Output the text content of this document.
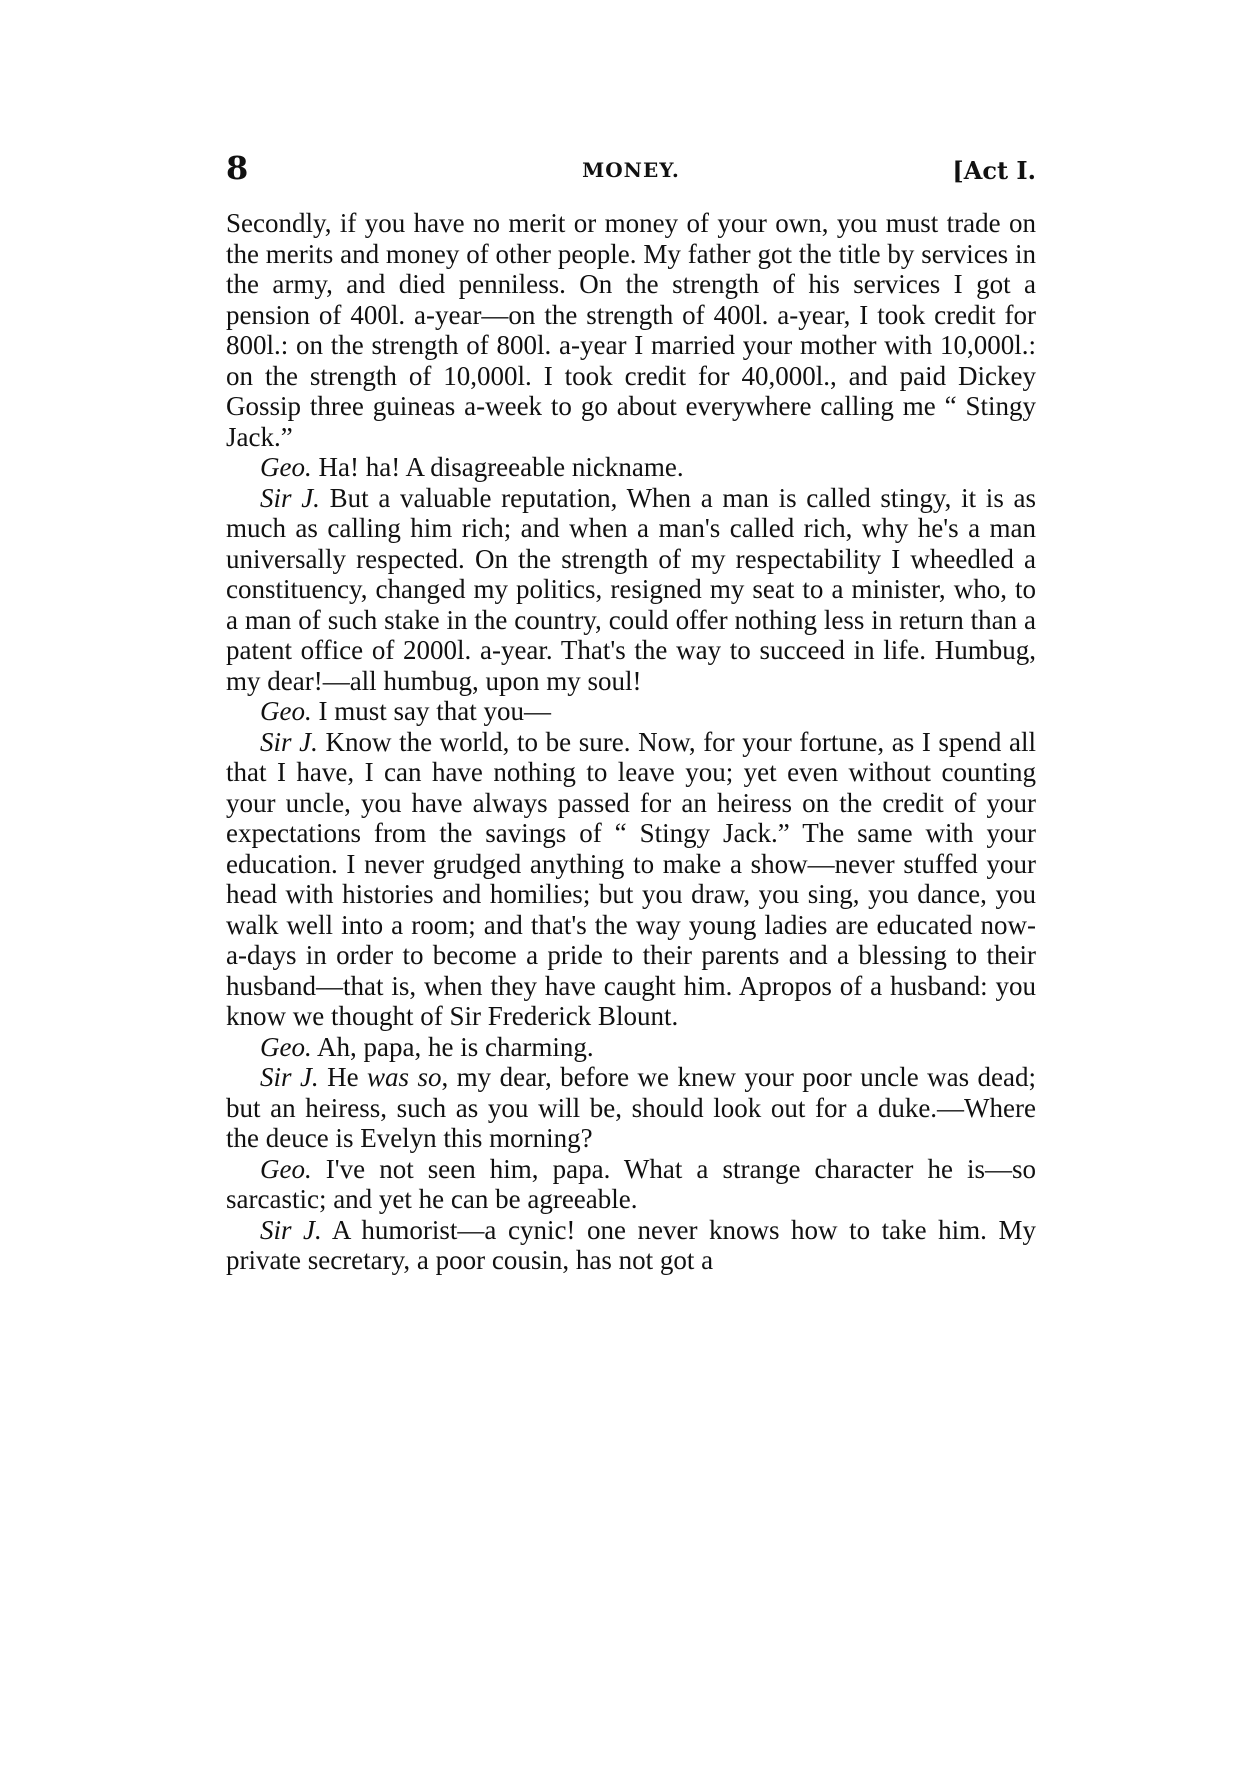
8	MONEY.	[Act I.

Secondly, if you have no merit or money of your own, you must trade on the merits and money of other people. My father got the title by services in the army, and died penniless. On the strength of his services I got a pension of 400l. a-year—on the strength of 400l. a-year, I took credit for 800l.: on the strength of 800l. a-year I married your mother with 10,000l.: on the strength of 10,000l. I took credit for 40,000l., and paid Dickey Gossip three guineas a-week to go about everywhere calling me “ Stingy Jack.”

Geo. Ha! ha! A disagreeable nickname.

Sir J. But a valuable reputation, When a man is called stingy, it is as much as calling him rich; and when a man's called rich, why he's a man universally respected. On the strength of my respectability I wheedled a constituency, changed my politics, resigned my seat to a minister, who, to a man of such stake in the country, could offer nothing less in return than a patent office of 2000l. a-year. That's the way to succeed in life. Humbug, my dear!—all humbug, upon my soul!

Geo. I must say that you—

Sir J. Know the world, to be sure. Now, for your fortune, as I spend all that I have, I can have nothing to leave you; yet even without counting your uncle, you have always passed for an heiress on the credit of your expectations from the savings of “ Stingy Jack.” The same with your education. I never grudged anything to make a show—never stuffed your head with histories and homilies; but you draw, you sing, you dance, you walk well into a room; and that's the way young ladies are educated now-a-days in order to become a pride to their parents and a blessing to their husband—that is, when they have caught him. Apropos of a husband: you know we thought of Sir Frederick Blount.

Geo. Ah, papa, he is charming.

Sir J. He was so, my dear, before we knew your poor uncle was dead; but an heiress, such as you will be, should look out for a duke.—Where the deuce is Evelyn this morning?

Geo. I've not seen him, papa. What a strange character he is—so sarcastic; and yet he can be agreeable.

Sir J. A humorist—a cynic! one never knows how to take him. My private secretary, a poor cousin, has not got a
